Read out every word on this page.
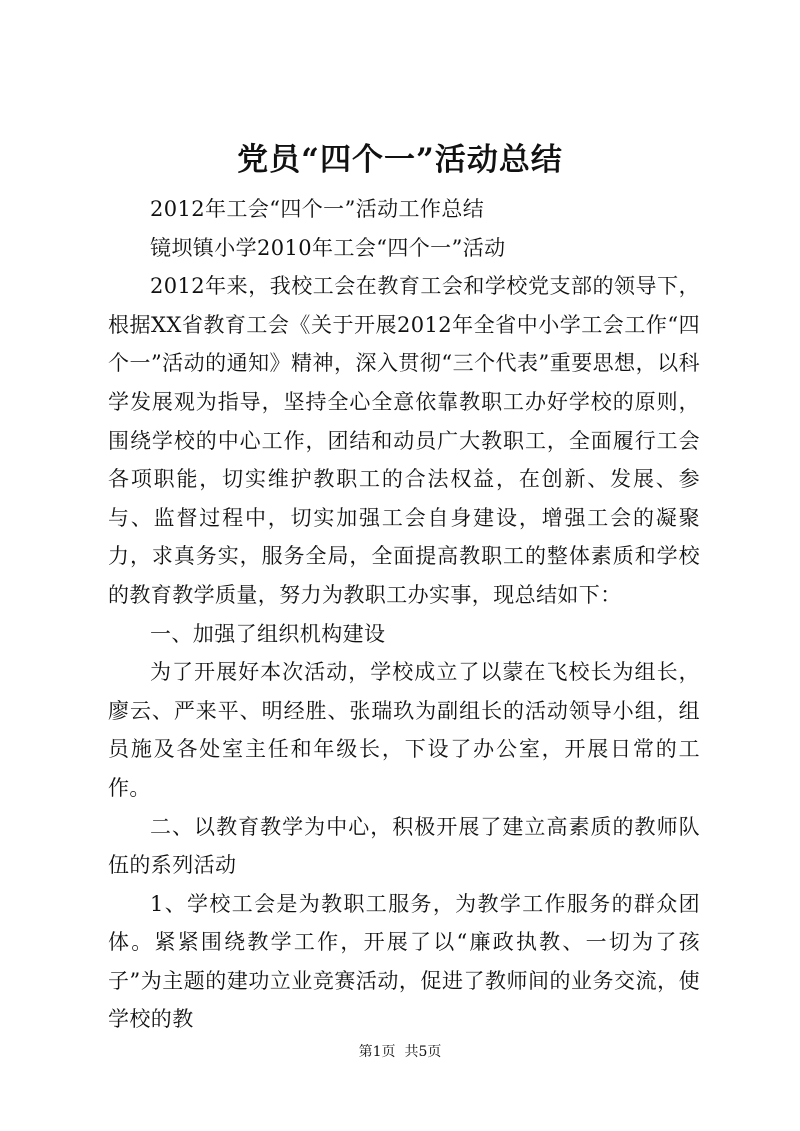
党员“四个一”活动总结

2012年工会“四个一”活动工作总结

镜坝镇小学2010年工会“四个一”活动

2012年来，我校工会在教育工会和学校党支部的领导下，根据XX省教育工会《关于开展2012年全省中小学工会工作“四个一”活动的通知》精神，深入贯彻“三个代表”重要思想，以科学发展观为指导，坚持全心全意依靠教职工办好学校的原则，围绕学校的中心工作，团结和动员广大教职工，全面履行工会各项职能，切实维护教职工的合法权益，在创新、发展、参与、监督过程中，切实加强工会自身建设，增强工会的凝聚力，求真务实，服务全局，全面提高教职工的整体素质和学校的教育教学质量，努力为教职工办实事，现总结如下：

一、加强了组织机构建设

为了开展好本次活动，学校成立了以蒙在飞校长为组长，廖云、严来平、明经胜、张瑞玖为副组长的活动领导小组，组员施及各处室主任和年级长，下设了办公室，开展日常的工作。

二、以教育教学为中心，积极开展了建立高素质的教师队伍的系列活动

1、学校工会是为教职工服务，为教学工作服务的群众团体。紧紧围绕教学工作，开展了以“廉政执教、一切为了孩子”为主题的建功立业竞赛活动，促进了教师间的业务交流，使学校的教

第1页  共5页
